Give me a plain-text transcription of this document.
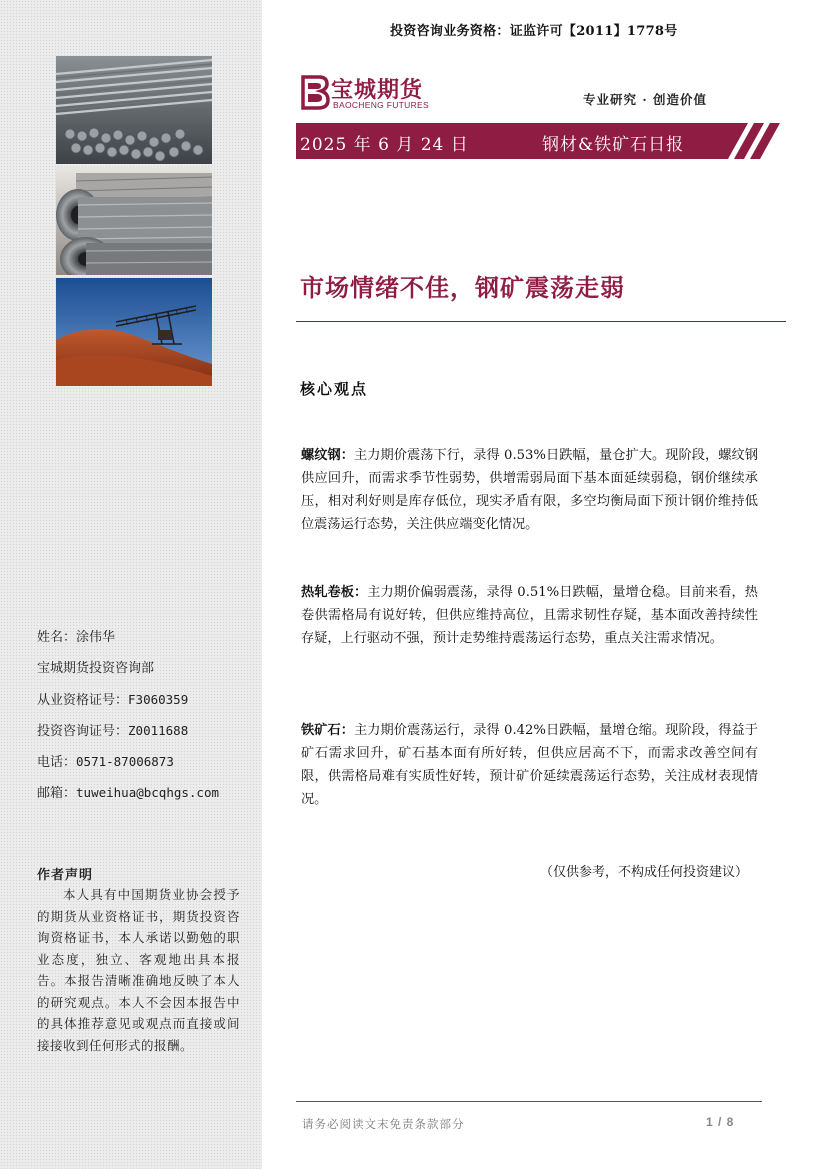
姓名：涂伟华
宝城期货投资咨询部
从业资格证号：F3060359
投资咨询证号：Z0011688
电话：0571-87006873
邮箱：tuweihua@bcqhgs.com
作者声明
本人具有中国期货业协会授予的期货从业资格证书，期货投资咨询资格证书，本人承诺以勤勉的职业态度，独立、客观地出具本报告。本报告清晰准确地反映了本人的研究观点。本人不会因本报告中的具体推荐意见或观点而直接或间接接收到任何形式的报酬。
投资咨询业务资格：证监许可【2011】1778号
宝城期货
BAOCHENG FUTURES	专业研究 · 创造价值
2025 年 6 月 24 日	钢材&铁矿石日报
市场情绪不佳，钢矿震荡走弱
核心观点
螺纹钢：主力期价震荡下行，录得 0.53%日跌幅，量仓扩大。现阶段，螺纹钢供应回升，而需求季节性弱势，供增需弱局面下基本面延续弱稳，钢价继续承压，相对利好则是库存低位，现实矛盾有限，多空均衡局面下预计钢价维持低位震荡运行态势，关注供应端变化情况。
热轧卷板：主力期价偏弱震荡，录得 0.51%日跌幅，量增仓稳。目前来看，热卷供需格局有说好转，但供应维持高位，且需求韧性存疑，基本面改善持续性存疑，上行驱动不强，预计走势维持震荡运行态势，重点关注需求情况。
铁矿石：主力期价震荡运行，录得 0.42%日跌幅，量增仓缩。现阶段，得益于矿石需求回升，矿石基本面有所好转，但供应居高不下，而需求改善空间有限，供需格局难有实质性好转，预计矿价延续震荡运行态势，关注成材表现情况。
（仅供参考，不构成任何投资建议）
请务必阅读文末免责条款部分	1 / 8
